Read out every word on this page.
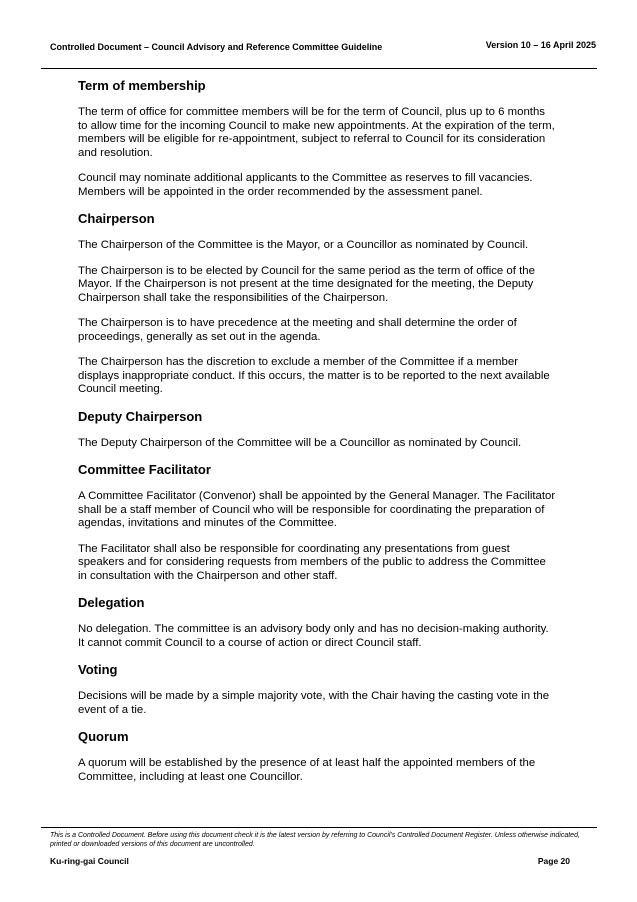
Controlled Document – Council Advisory and Reference Committee Guideline	Version 10 – 16 April 2025
Term of membership

The term of office for committee members will be for the term of Council, plus up to 6 months to allow time for the incoming Council to make new appointments. At the expiration of the term, members will be eligible for re-appointment, subject to referral to Council for its consideration and resolution.

Council may nominate additional applicants to the Committee as reserves to fill vacancies. Members will be appointed in the order recommended by the assessment panel.

Chairperson

The Chairperson of the Committee is the Mayor, or a Councillor as nominated by Council.

The Chairperson is to be elected by Council for the same period as the term of office of the Mayor. If the Chairperson is not present at the time designated for the meeting, the Deputy Chairperson shall take the responsibilities of the Chairperson.

The Chairperson is to have precedence at the meeting and shall determine the order of proceedings, generally as set out in the agenda.

The Chairperson has the discretion to exclude a member of the Committee if a member displays inappropriate conduct. If this occurs, the matter is to be reported to the next available Council meeting.

Deputy Chairperson

The Deputy Chairperson of the Committee will be a Councillor as nominated by Council.

Committee Facilitator

A Committee Facilitator (Convenor) shall be appointed by the General Manager. The Facilitator shall be a staff member of Council who will be responsible for coordinating the preparation of agendas, invitations and minutes of the Committee.

The Facilitator shall also be responsible for coordinating any presentations from guest speakers and for considering requests from members of the public to address the Committee in consultation with the Chairperson and other staff.

Delegation

No delegation. The committee is an advisory body only and has no decision-making authority. It cannot commit Council to a course of action or direct Council staff.

Voting

Decisions will be made by a simple majority vote, with the Chair having the casting vote in the event of a tie.

Quorum

A quorum will be established by the presence of at least half the appointed members of the Committee, including at least one Councillor.

This is a Controlled Document. Before using this document check it is the latest version by referring to Council’s Controlled Document Register. Unless otherwise indicated, printed or downloaded versions of this document are uncontrolled.
Ku-ring-gai Council	Page 20
